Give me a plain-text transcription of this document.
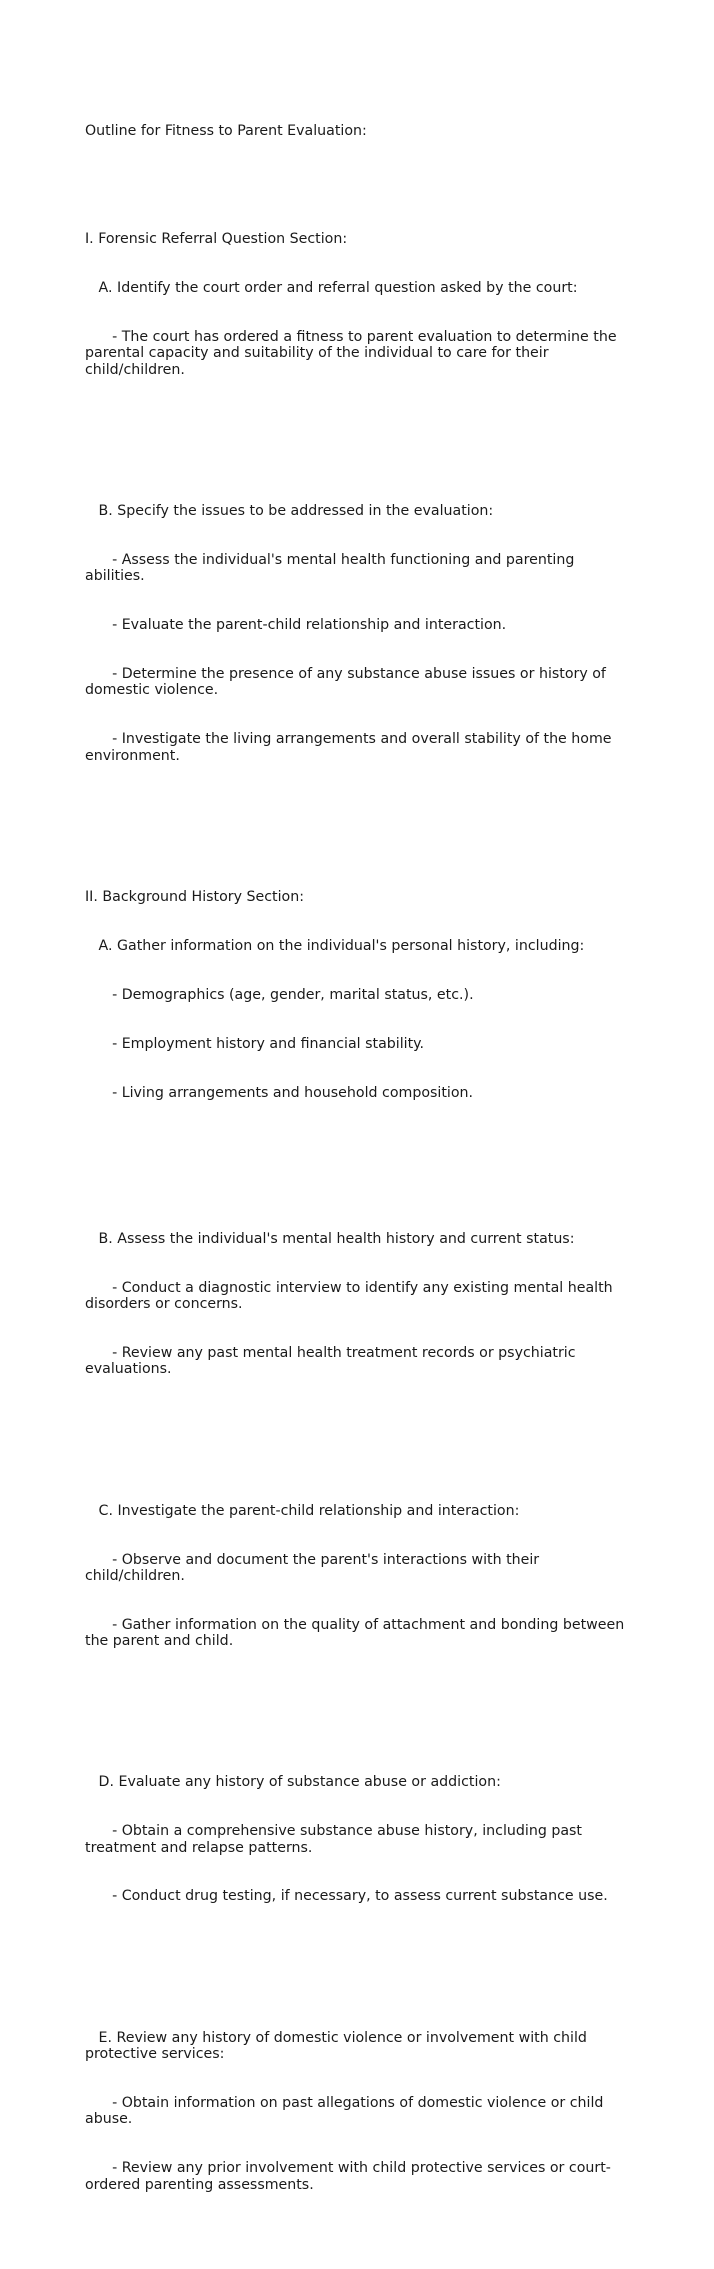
Outline for Fitness to Parent Evaluation:

I. Forensic Referral Question Section:

A. Identify the court order and referral question asked by the court:

- The court has ordered a fitness to parent evaluation to determine the parental capacity and suitability of the individual to care for their child/children.

B. Specify the issues to be addressed in the evaluation:

- Assess the individual's mental health functioning and parenting abilities.

- Evaluate the parent-child relationship and interaction.

- Determine the presence of any substance abuse issues or history of domestic violence.

- Investigate the living arrangements and overall stability of the home environment.

II. Background History Section:

A. Gather information on the individual's personal history, including:

- Demographics (age, gender, marital status, etc.).

- Employment history and financial stability.

- Living arrangements and household composition.

B. Assess the individual's mental health history and current status:

- Conduct a diagnostic interview to identify any existing mental health disorders or concerns.

- Review any past mental health treatment records or psychiatric evaluations.

C. Investigate the parent-child relationship and interaction:

- Observe and document the parent's interactions with their child/children.

- Gather information on the quality of attachment and bonding between the parent and child.

D. Evaluate any history of substance abuse or addiction:

- Obtain a comprehensive substance abuse history, including past treatment and relapse patterns.

- Conduct drug testing, if necessary, to assess current substance use.

E. Review any history of domestic violence or involvement with child protective services:

- Obtain information on past allegations of domestic violence or child abuse.

- Review any prior involvement with child protective services or court-ordered parenting assessments.
